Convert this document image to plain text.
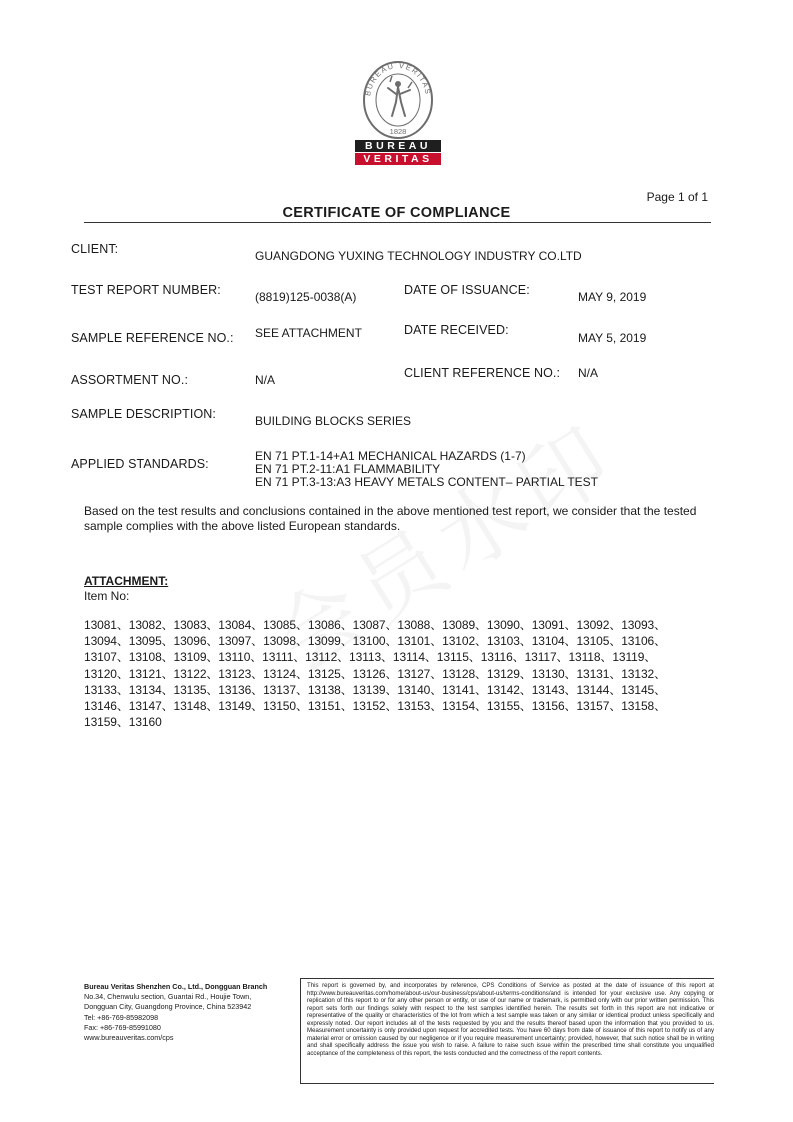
BUREAU VERITAS
1828
BUREAU
VERITAS
Page 1 of 1
CERTIFICATE OF COMPLIANCE
CLIENT:	GUANGDONG YUXING TECHNOLOGY INDUSTRY CO.LTD
TEST REPORT NUMBER:	(8819)125-0038(A)	DATE OF ISSUANCE:	MAY 9, 2019
SAMPLE REFERENCE NO.: SEE ATTACHMENT	DATE RECEIVED:
MAY 5, 2019
ASSORTMENT NO.:	N/A	CLIENT REFERENCE NO.: N/A
SAMPLE DESCRIPTION:	BUILDING BLOCKS SERIES
APPLIED STANDARDS:
EN 71 PT.1-14+A1 MECHANICAL HAZARDS (1-7)
EN 71 PT.2-11:A1 FLAMMABILITY
EN 71 PT.3-13:A3 HEAVY METALS CONTENT– PARTIAL TEST
Based on the test results and conclusions contained in the above mentioned test report, we consider that the tested sample complies with the above listed European standards.
ATTACHMENT:
Item No:
13081、13082、13083、13084、13085、13086、13087、13088、13089、13090、13091、13092、13093、
13094、13095、13096、13097、13098、13099、13100、13101、13102、13103、13104、13105、13106、
13107、13108、13109、13110、13111、13112、13113、13114、13115、13116、13117、13118、13119、
13120、13121、13122、13123、13124、13125、13126、13127、13128、13129、13130、13131、13132、
13133、13134、13135、13136、13137、13138、13139、13140、13141、13142、13143、13144、13145、
13146、13147、13148、13149、13150、13151、13152、13153、13154、13155、13156、13157、13158、
13159、13160
Bureau Veritas Shenzhen Co., Ltd., Dongguan Branch
No.34, Chenwulu section, Guantai Rd., Houjie Town,
Dongguan City, Guangdong Province, China 523942
Tel: +86-769-85982098
Fax: +86-769-85991080
www.bureauveritas.com/cps
This report is governed by, and incorporates by reference, CPS Conditions of Service as posted at the date of issuance of this report at http://www.bureauveritas.com/home/about-us/our-business/cps/about-us/terms-conditions/and is intended for your exclusive use. Any copying or replication of this report to or for any other person or entity, or use of our name or trademark, is permitted only with our prior written permission. This report sets forth our findings solely with respect to the test samples identified herein. The results set forth in this report are not indicative or representative of the quality or characteristics of the lot from which a test sample was taken or any similar or identical product unless specifically and expressly noted. Our report includes all of the tests requested by you and the results thereof based upon the information that you provided to us. Measurement uncertainty is only provided upon request for accredited tests. You have 60 days from date of issuance of this report to notify us of any material error or omission caused by our negligence or if you require measurement uncertainty; provided, however, that such notice shall be in writing and shall specifically address the issue you wish to raise. A failure to raise such issue within the prescribed time shall constitute you unqualified acceptance of the completeness of this report, the tests conducted and the correctness of the report contents.
